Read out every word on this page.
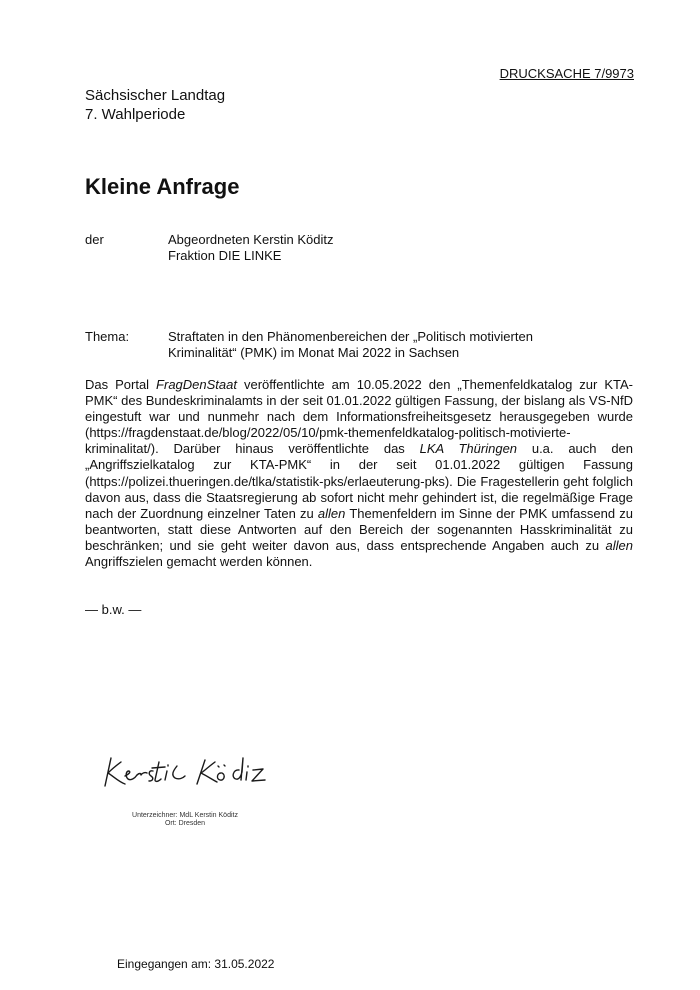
DRUCKSACHE 7/9973
Sächsischer Landtag
7. Wahlperiode
Kleine Anfrage
der	Abgeordneten Kerstin Köditz
Fraktion DIE LINKE
Thema:	Straftaten in den Phänomenbereichen der „Politisch motivierten
Kriminalität“ (PMK) im Monat Mai 2022 in Sachsen

Das Portal FragDenStaat veröffentlichte am 10.05.2022 den „Themenfeldkatalog zur KTA-PMK“ des Bundeskriminalamts in der seit 01.01.2022 gültigen Fassung, der bislang als VS-NfD eingestuft war und nunmehr nach dem Informationsfreiheitsgesetz herausgegeben wurde (https://fragdenstaat.de/blog/2022/05/10/pmk-themenfeldkatalog-politisch-motivierte-kriminalitat/). Darüber hinaus veröffentlichte das LKA Thüringen u.a. auch den „Angriffszielkatalog zur KTA-PMK“ in der seit 01.01.2022 gültigen Fassung (https://polizei.thueringen.de/tlka/statistik-pks/erlaeuterung-pks). Die Fragestellerin geht folglich davon aus, dass die Staatsregierung ab sofort nicht mehr gehindert ist, die regelmäßige Frage nach der Zuordnung einzelner Taten zu allen Themenfeldern im Sinne der PMK umfassend zu beantworten, statt diese Antworten auf den Bereich der sogenannten Hasskriminalität zu beschränken; und sie geht weiter davon aus, dass entsprechende Angaben auch zu allen Angriffszielen gemacht werden können.

— b.w. —
Unterzeichner: MdL Kerstin Köditz
Ort: Dresden
Eingegangen am: 31.05.2022
